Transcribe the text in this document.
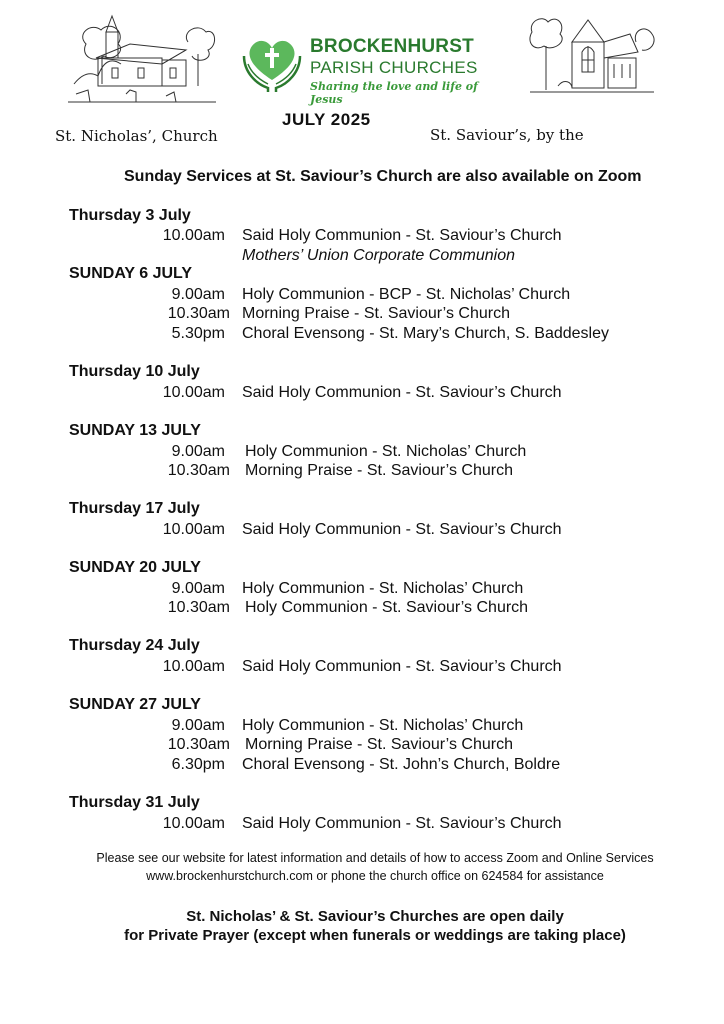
BROCKENHURST
PARISH CHURCHES
Sharing the love and life of Jesus
JULY 2025
St. Nicholas’, Church	St. Saviour’s, by the
Sunday Services at St. Saviour’s Church are also available on Zoom
Thursday 3 July
10.00am Said Holy Communion - St. Saviour’s Church
Mothers’ Union Corporate Communion
SUNDAY 6 JULY
9.00am Holy Communion - BCP - St. Nicholas’ Church
10.30am Morning Praise - St. Saviour’s Church
5.30pm Choral Evensong - St. Mary’s Church, S. Baddesley
Thursday 10 July
10.00am Said Holy Communion - St. Saviour’s Church
SUNDAY 13 JULY
9.00am Holy Communion - St. Nicholas’ Church
10.30am Morning Praise - St. Saviour’s Church
Thursday 17 July
10.00am Said Holy Communion - St. Saviour’s Church
SUNDAY 20 JULY
9.00am Holy Communion - St. Nicholas’ Church
10.30am Holy Communion - St. Saviour’s Church
Thursday 24 July
10.00am Said Holy Communion - St. Saviour’s Church
SUNDAY 27 JULY
9.00am Holy Communion - St. Nicholas’ Church
10.30am Morning Praise - St. Saviour’s Church
6.30pm Choral Evensong - St. John’s Church, Boldre
Thursday 31 July
10.00am Said Holy Communion - St. Saviour’s Church
Please see our website for latest information and details of how to access Zoom and Online Services
www.brockenhurstchurch.com or phone the church office on 624584 for assistance
St. Nicholas’ & St. Saviour’s Churches are open daily
for Private Prayer (except when funerals or weddings are taking place)
